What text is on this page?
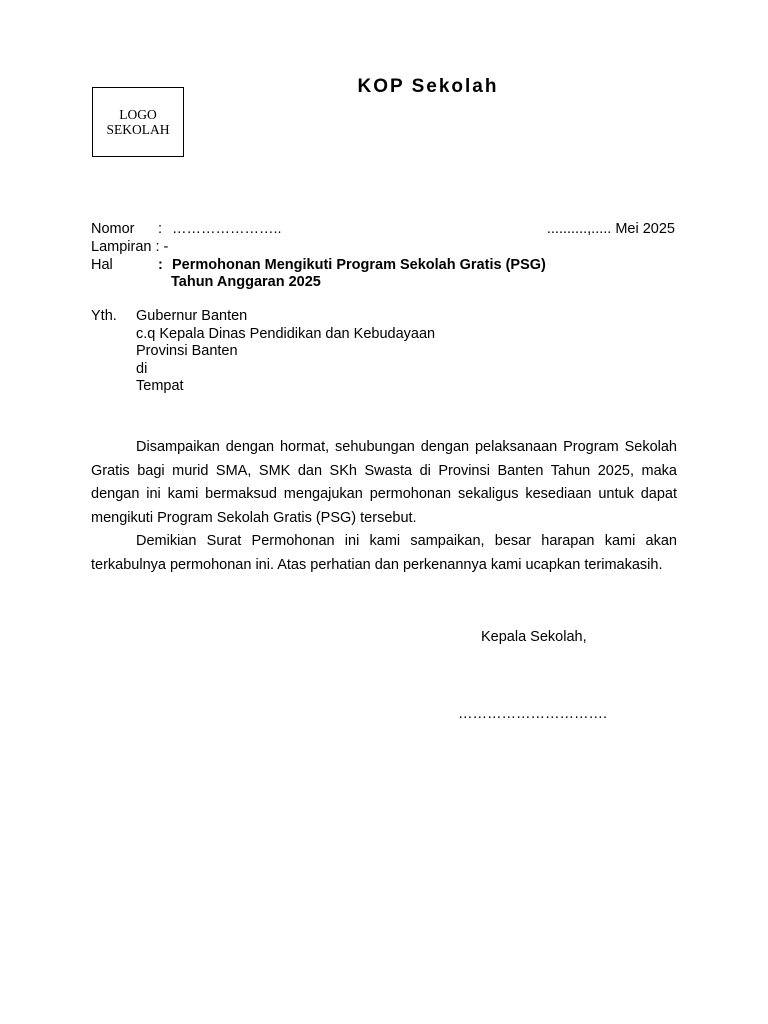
LOGO
SEKOLAH
KOP Sekolah
Nomor : …………………..	..........,..... Mei 2025
Lampiran : -
Hal	: Permohonan Mengikuti Program Sekolah Gratis (PSG)
Tahun Anggaran 2025
Yth. Gubernur Banten
c.q Kepala Dinas Pendidikan dan Kebudayaan
Provinsi Banten
di
Tempat

Disampaikan dengan hormat, sehubungan dengan pelaksanaan Program Sekolah Gratis bagi murid SMA, SMK dan SKh Swasta di Provinsi Banten Tahun 2025, maka dengan ini kami bermaksud mengajukan permohonan sekaligus kesediaan untuk dapat mengikuti Program Sekolah Gratis (PSG) tersebut.

Demikian Surat Permohonan ini kami sampaikan, besar harapan kami akan terkabulnya permohonan ini. Atas perhatian dan perkenannya kami ucapkan terimakasih.

Kepala Sekolah,
………………………….
